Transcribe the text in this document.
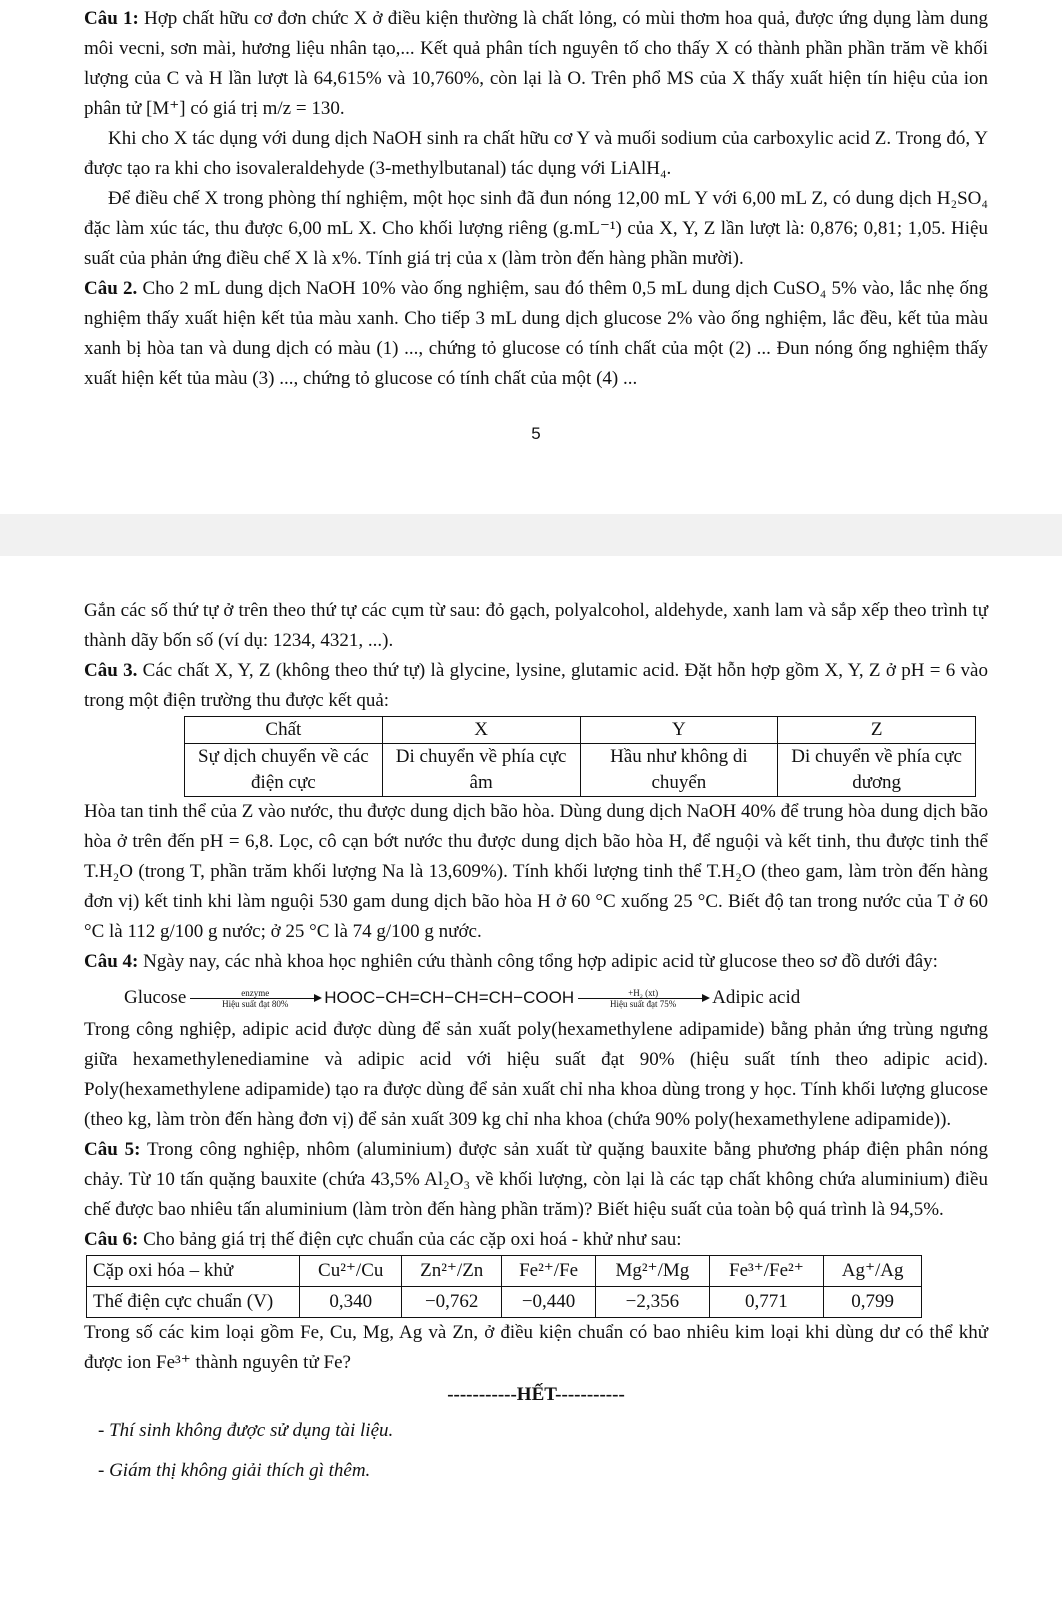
Câu 1: Hợp chất hữu cơ đơn chức X ở điều kiện thường là chất lỏng, có mùi thơm hoa quả, được ứng dụng làm dung môi vecni, sơn mài, hương liệu nhân tạo,... Kết quả phân tích nguyên tố cho thấy X có thành phần phần trăm về khối lượng của C và H lần lượt là 64,615% và 10,760%, còn lại là O. Trên phổ MS của X thấy xuất hiện tín hiệu của ion phân tử [M⁺] có giá trị m/z = 130.

Khi cho X tác dụng với dung dịch NaOH sinh ra chất hữu cơ Y và muối sodium của carboxylic acid Z. Trong đó, Y được tạo ra khi cho isovaleraldehyde (3-methylbutanal) tác dụng với LiAlH₄.

Để điều chế X trong phòng thí nghiệm, một học sinh đã đun nóng 12,00 mL Y với 6,00 mL Z, có dung dịch H₂SO₄ đặc làm xúc tác, thu được 6,00 mL X. Cho khối lượng riêng (g.mL⁻¹) của X, Y, Z lần lượt là: 0,876; 0,81; 1,05. Hiệu suất của phản ứng điều chế X là x%. Tính giá trị của x (làm tròn đến hàng phần mười).

Câu 2. Cho 2 mL dung dịch NaOH 10% vào ống nghiệm, sau đó thêm 0,5 mL dung dịch CuSO₄ 5% vào, lắc nhẹ ống nghiệm thấy xuất hiện kết tủa màu xanh. Cho tiếp 3 mL dung dịch glucose 2% vào ống nghiệm, lắc đều, kết tủa màu xanh bị hòa tan và dung dịch có màu (1) ..., chứng tỏ glucose có tính chất của một (2) ... Đun nóng ống nghiệm thấy xuất hiện kết tủa màu (3) ..., chứng tỏ glucose có tính chất của một (4) ...

5

Gắn các số thứ tự ở trên theo thứ tự các cụm từ sau: đỏ gạch, polyalcohol, aldehyde, xanh lam và sắp xếp theo trình tự thành dãy bốn số (ví dụ: 1234, 4321, ...).

Câu 3. Các chất X, Y, Z (không theo thứ tự) là glycine, lysine, glutamic acid. Đặt hỗn hợp gồm X, Y, Z ở pH = 6 vào trong một điện trường thu được kết quả:

Chất	X	Y	Z
Sự dịch chuyển về các điện cực	Di chuyển về phía cực âm	Hầu như không di chuyển	Di chuyển về phía cực dương

Hòa tan tinh thể của Z vào nước, thu được dung dịch bão hòa. Dùng dung dịch NaOH 40% để trung hòa dung dịch bão hòa ở trên đến pH = 6,8. Lọc, cô cạn bớt nước thu được dung dịch bão hòa H, để nguội và kết tinh, thu được tinh thể T.H₂O (trong T, phần trăm khối lượng Na là 13,609%). Tính khối lượng tinh thể T.H₂O (theo gam, làm tròn đến hàng đơn vị) kết tinh khi làm nguội 530 gam dung dịch bão hòa H ở 60 °C xuống 25 °C. Biết độ tan trong nước của T ở 60 °C là 112 g/100 g nước; ở 25 °C là 74 g/100 g nước.

Câu 4: Ngày nay, các nhà khoa học nghiên cứu thành công tổng hợp adipic acid từ glucose theo sơ đồ dưới đây:

Glucose	enzyme
Hiệu suất đạt 80% HOOC−CH=CH−CH=CH−COOH	+H₂ (xt)
Hiệu suất đạt 75% Adipic acid

Trong công nghiệp, adipic acid được dùng để sản xuất poly(hexamethylene adipamide) bằng phản ứng trùng ngưng giữa hexamethylenediamine và adipic acid với hiệu suất đạt 90% (hiệu suất tính theo adipic acid). Poly(hexamethylene adipamide) tạo ra được dùng để sản xuất chỉ nha khoa dùng trong y học. Tính khối lượng glucose (theo kg, làm tròn đến hàng đơn vị) để sản xuất 309 kg chỉ nha khoa (chứa 90% poly(hexamethylene adipamide)).

Câu 5: Trong công nghiệp, nhôm (aluminium) được sản xuất từ quặng bauxite bằng phương pháp điện phân nóng chảy. Từ 10 tấn quặng bauxite (chứa 43,5% Al₂O₃ về khối lượng, còn lại là các tạp chất không chứa aluminium) điều chế được bao nhiêu tấn aluminium (làm tròn đến hàng phần trăm)? Biết hiệu suất của toàn bộ quá trình là 94,5%.

Câu 6: Cho bảng giá trị thế điện cực chuẩn của các cặp oxi hoá - khử như sau:

Cặp oxi hóa – khử	Cu²⁺/Cu	Zn²⁺/Zn	Fe²⁺/Fe	Mg²⁺/Mg	Fe³⁺/Fe²⁺	Ag⁺/Ag
Thế điện cực chuẩn (V)	0,340	−0,762	−0,440	−2,356	0,771	0,799

Trong số các kim loại gồm Fe, Cu, Mg, Ag và Zn, ở điều kiện chuẩn có bao nhiêu kim loại khi dùng dư có thể khử được ion Fe³⁺ thành nguyên tử Fe?

-----------HẾT-----------

- Thí sinh không được sử dụng tài liệu.

- Giám thị không giải thích gì thêm.
